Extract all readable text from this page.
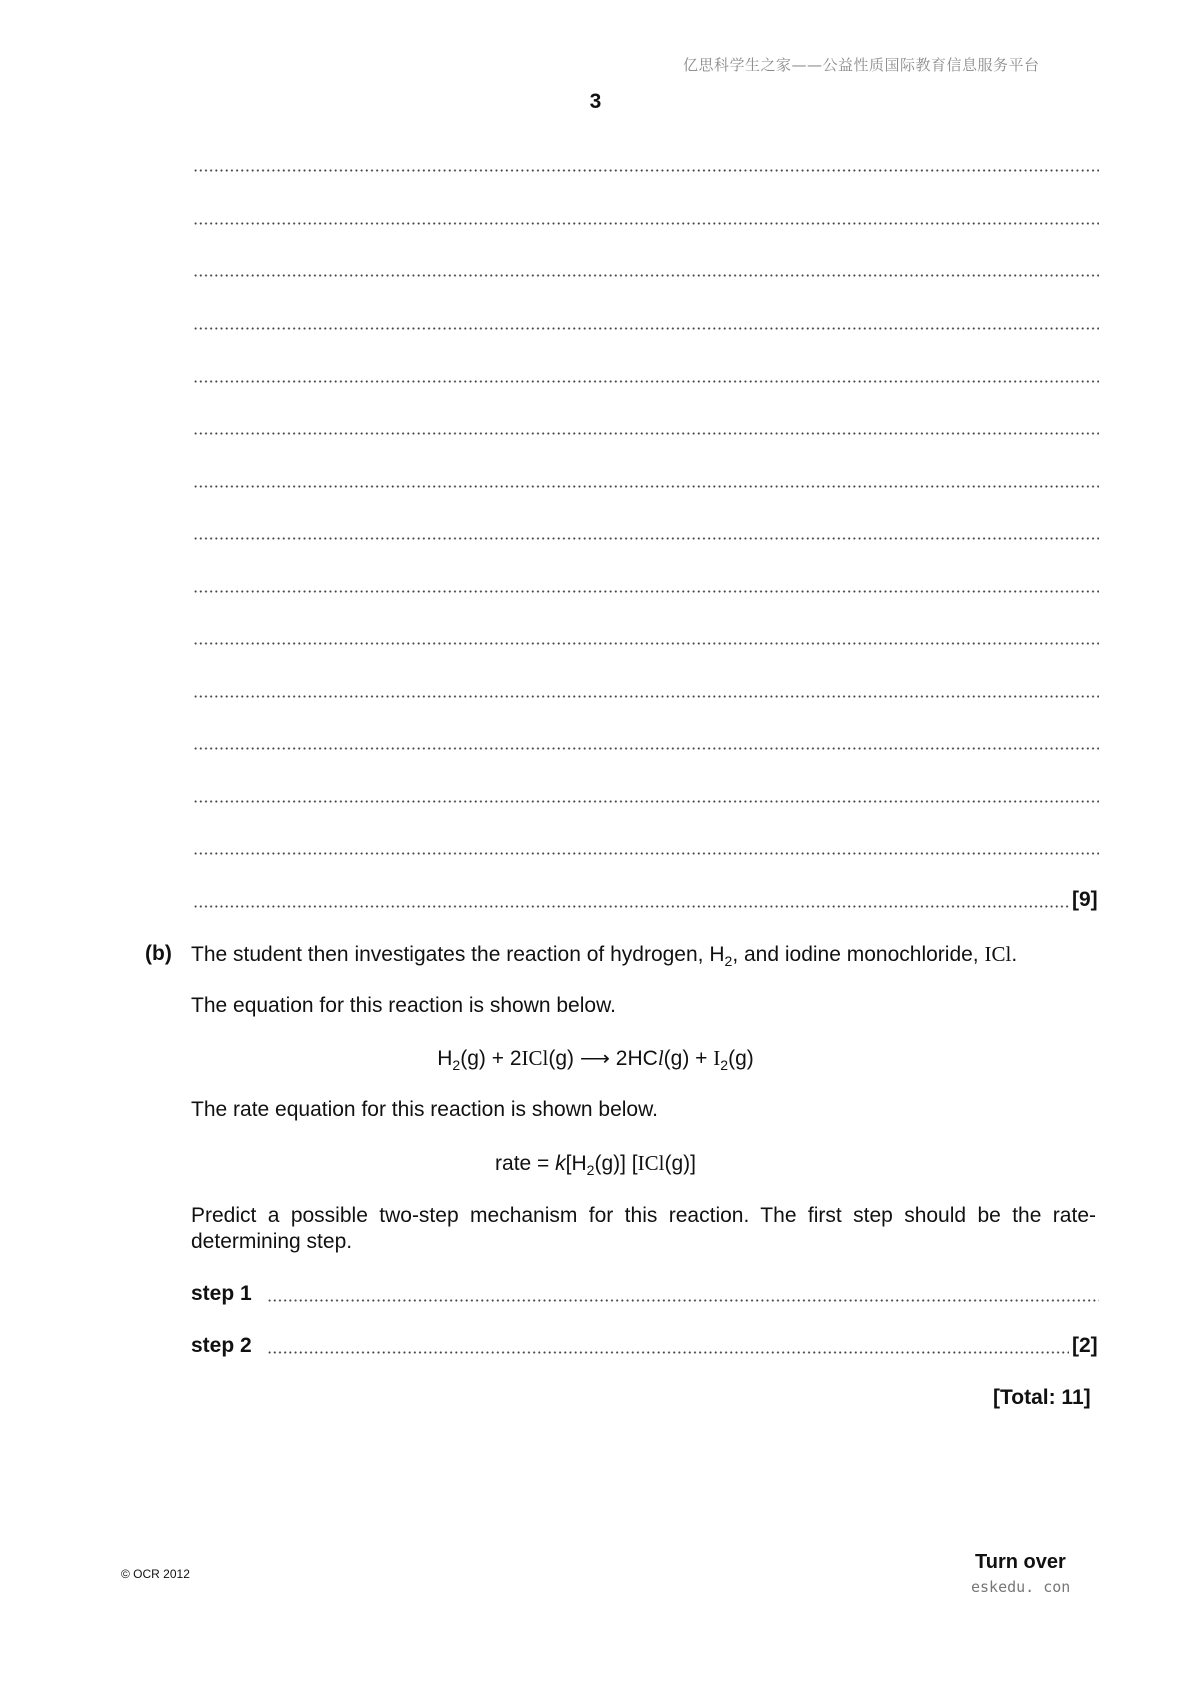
亿思科学生之家——公益性质国际教育信息服务平台
3
[9]
(b) The student then investigates the reaction of hydrogen, $H_2$, and iodine monochloride, ICl.
The equation for this reaction is shown below.
$H_2(g) + 2ICl(g)$ ⟶ $2HCl(g) + I_2(g)$
The rate equation for this reaction is shown below.
rate = $k[H_2(g)]$ [ICl(g)]
Predict a possible two-step mechanism for this reaction. The first step should be the rate-determining step.
step 1
step 2	[2]
[Total: 11]
© OCR 2012
Turn over
eskedu. con
